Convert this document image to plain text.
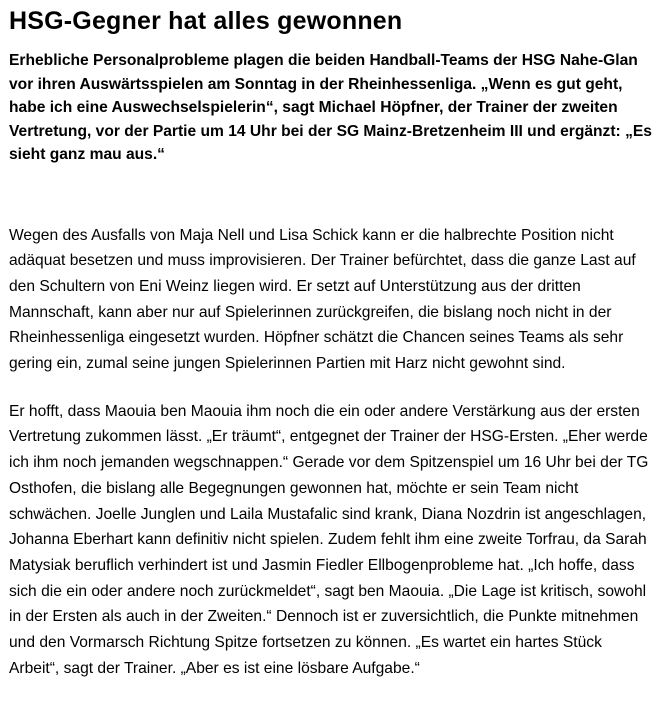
HSG-Gegner hat alles gewonnen

Erhebliche Personalprobleme plagen die beiden Handball-Teams der HSG Nahe-Glan vor ihren Auswärtsspielen am Sonntag in der Rheinhessenliga. „Wenn es gut geht, habe ich eine Auswechselspielerin“, sagt Michael Höpfner, der Trainer der zweiten Vertretung, vor der Partie um 14 Uhr bei der SG Mainz-Bretzenheim III und ergänzt: „Es sieht ganz mau aus.“

Wegen des Ausfalls von Maja Nell und Lisa Schick kann er die halbrechte Position nicht adäquat besetzen und muss improvisieren. Der Trainer befürchtet, dass die ganze Last auf den Schultern von Eni Weinz liegen wird. Er setzt auf Unterstützung aus der dritten Mannschaft, kann aber nur auf Spielerinnen zurückgreifen, die bislang noch nicht in der Rheinhessenliga eingesetzt wurden. Höpfner schätzt die Chancen seines Teams als sehr gering ein, zumal seine jungen Spielerinnen Partien mit Harz nicht gewohnt sind.

Er hofft, dass Maouia ben Maouia ihm noch die ein oder andere Verstärkung aus der ersten Vertretung zukommen lässt. „Er träumt“, entgegnet der Trainer der HSG-Ersten. „Eher werde ich ihm noch jemanden wegschnappen.“ Gerade vor dem Spitzenspiel um 16 Uhr bei der TG Osthofen, die bislang alle Begegnungen gewonnen hat, möchte er sein Team nicht schwächen. Joelle Junglen und Laila Mustafalic sind krank, Diana Nozdrin ist angeschlagen, Johanna Eberhart kann definitiv nicht spielen. Zudem fehlt ihm eine zweite Torfrau, da Sarah Matysiak beruflich verhindert ist und Jasmin Fiedler Ellbogenprobleme hat. „Ich hoffe, dass sich die ein oder andere noch zurückmeldet“, sagt ben Maouia. „Die Lage ist kritisch, sowohl in der Ersten als auch in der Zweiten.“ Dennoch ist er zuversichtlich, die Punkte mitnehmen und den Vormarsch Richtung Spitze fortsetzen zu können. „Es wartet ein hartes Stück Arbeit“, sagt der Trainer. „Aber es ist eine lösbare Aufgabe.“
